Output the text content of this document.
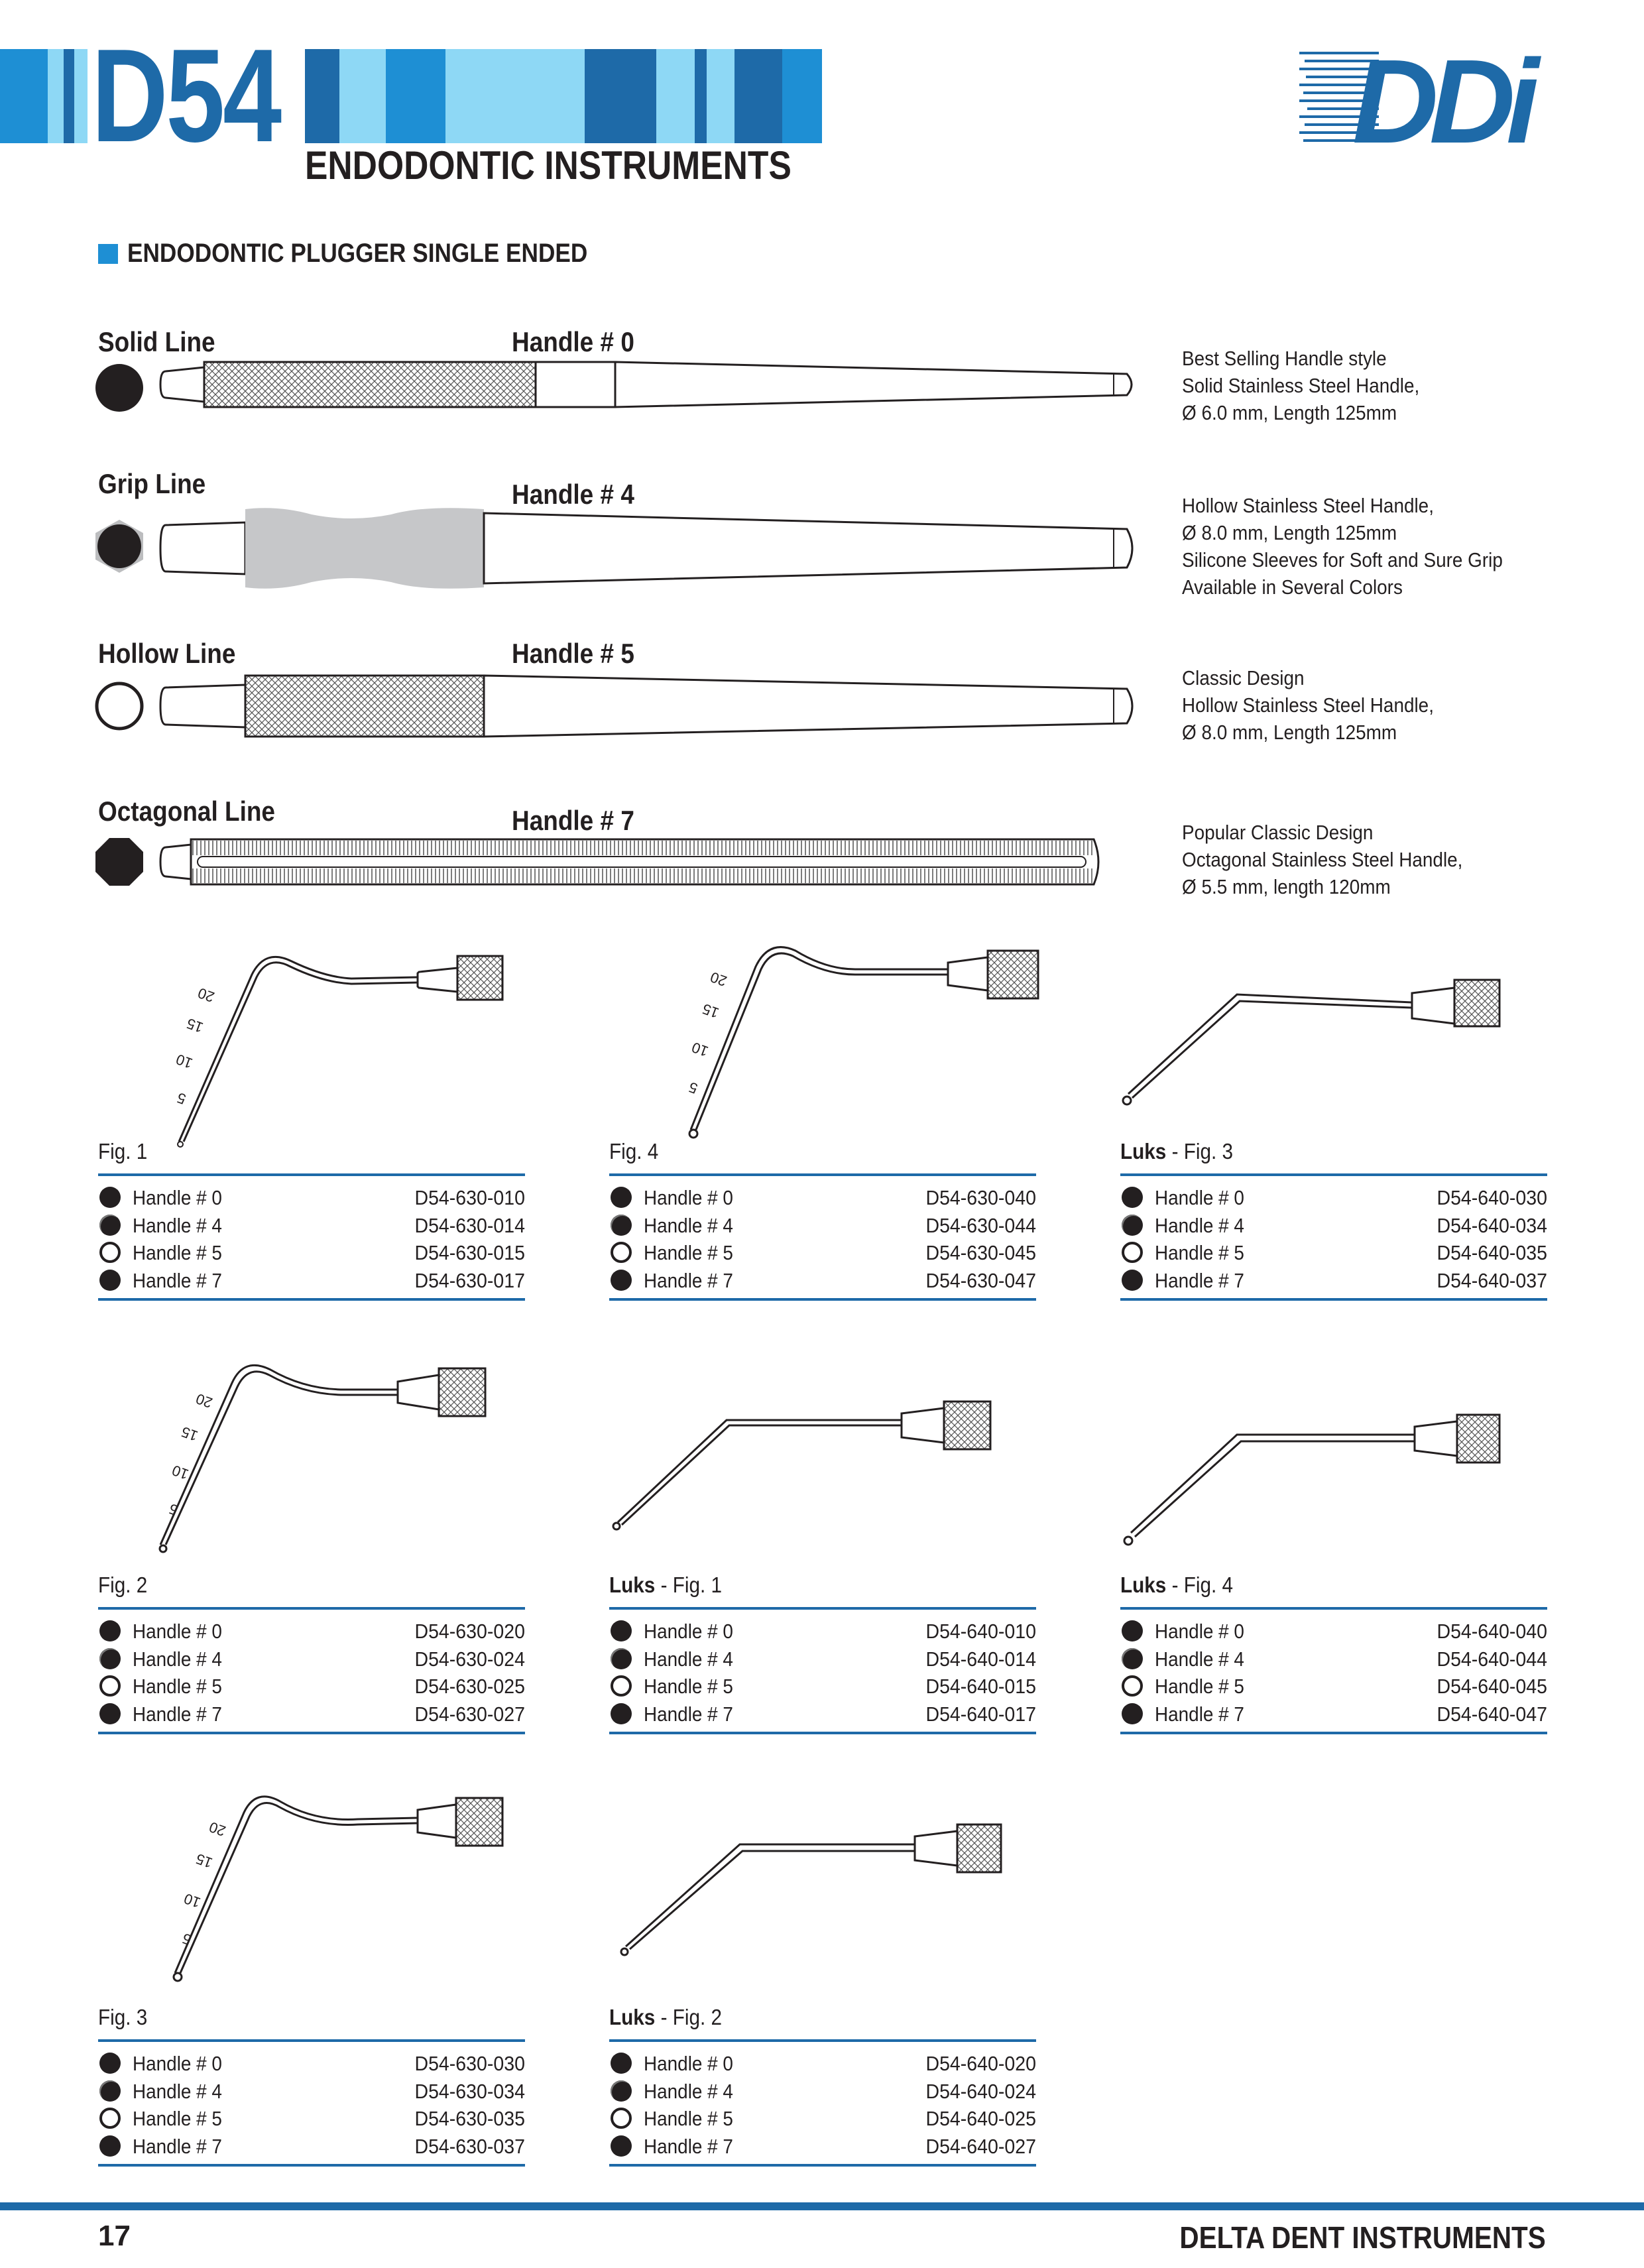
D54 ENDODONTIC INSTRUMENTS	DDi
ENDODONTIC PLUGGER SINGLE ENDED
Solid Line	Handle # 0
Best Selling Handle style
Solid Stainless Steel Handle,
Ø 6.0 mm, Length 125mm
Grip Line	Handle # 4	Hollow Stainless Steel Handle,
Ø 8.0 mm, Length 125mm
Silicone Sleeves for Soft and Sure Grip
Available in Several Colors
Hollow Line	Handle # 5
Classic Design
Hollow Stainless Steel Handle,
Ø 8.0 mm, Length 125mm
Octagonal Line	Handle # 7	Popular Classic Design
Octagonal Stainless Steel Handle,
Ø 5.5 mm, length 120mm
20
15
10
5
20
15
10
5
20
15
10
5
20
15
10
5
Fig. 1
Handle # 0	D54-630-010
Handle # 4	D54-630-014
Handle # 5	D54-630-015
Handle # 7	D54-630-017
Fig. 4
Handle # 0	D54-630-040
Handle # 4	D54-630-044
Handle # 5	D54-630-045
Handle # 7	D54-630-047
Luks - Fig. 3
Handle # 0	D54-640-030
Handle # 4	D54-640-034
Handle # 5	D54-640-035
Handle # 7	D54-640-037
Fig. 2
Handle # 0	D54-630-020
Handle # 4	D54-630-024
Handle # 5	D54-630-025
Handle # 7	D54-630-027
Luks - Fig. 1
Handle # 0	D54-640-010
Handle # 4	D54-640-014
Handle # 5	D54-640-015
Handle # 7	D54-640-017
Luks - Fig. 4
Handle # 0	D54-640-040
Handle # 4	D54-640-044
Handle # 5	D54-640-045
Handle # 7	D54-640-047
Fig. 3
Handle # 0	D54-630-030
Handle # 4	D54-630-034
Handle # 5	D54-630-035
Handle # 7	D54-630-037
Luks - Fig. 2
Handle # 0	D54-640-020
Handle # 4	D54-640-024
Handle # 5	D54-640-025
Handle # 7	D54-640-027
17	DELTA DENT INSTRUMENTS
